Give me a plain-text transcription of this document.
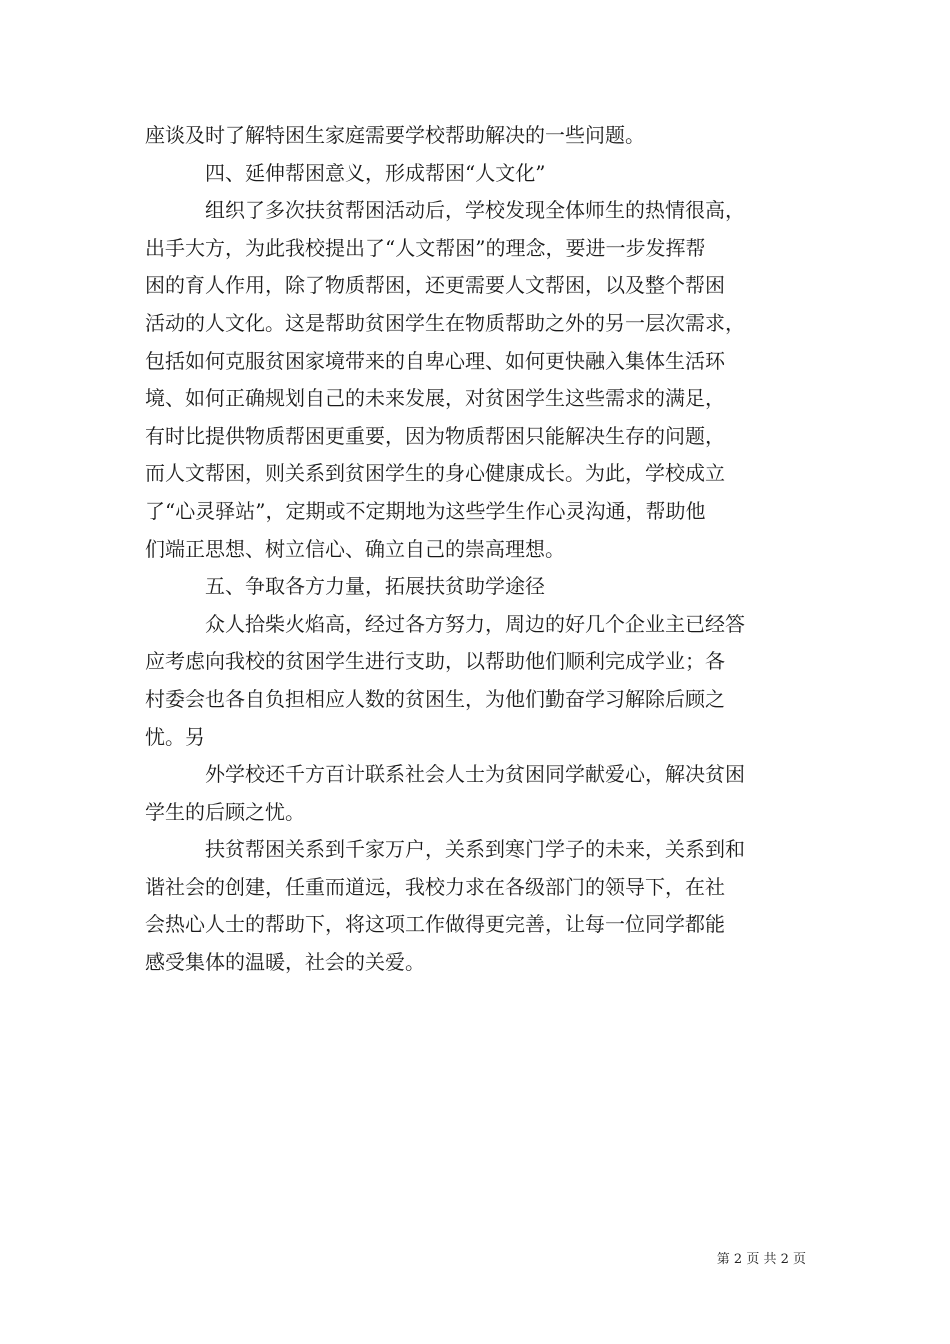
座谈及时了解特困生家庭需要学校帮助解决的一些问题。
四、延伸帮困意义，形成帮困“人文化”
组织了多次扶贫帮困活动后，学校发现全体师生的热情很高，
出手大方，为此我校提出了“人文帮困”的理念，要进一步发挥帮
困的育人作用，除了物质帮困，还更需要人文帮困，以及整个帮困
活动的人文化。这是帮助贫困学生在物质帮助之外的另一层次需求，
包括如何克服贫困家境带来的自卑心理、如何更快融入集体生活环
境、如何正确规划自己的未来发展，对贫困学生这些需求的满足，
有时比提供物质帮困更重要，因为物质帮困只能解决生存的问题，
而人文帮困，则关系到贫困学生的身心健康成长。为此，学校成立
了“心灵驿站”，定期或不定期地为这些学生作心灵沟通，帮助他
们端正思想、树立信心、确立自己的崇高理想。
五、争取各方力量，拓展扶贫助学途径
众人拾柴火焰高，经过各方努力，周边的好几个企业主已经答
应考虑向我校的贫困学生进行支助，以帮助他们顺利完成学业；各
村委会也各自负担相应人数的贫困生，为他们勤奋学习解除后顾之
忧。另
外学校还千方百计联系社会人士为贫困同学献爱心，解决贫困
学生的后顾之忧。
扶贫帮困关系到千家万户，关系到寒门学子的未来，关系到和
谐社会的创建，任重而道远，我校力求在各级部门的领导下，在社
会热心人士的帮助下，将这项工作做得更完善，让每一位同学都能
感受集体的温暖，社会的关爱。
第 2 页 共 2 页
